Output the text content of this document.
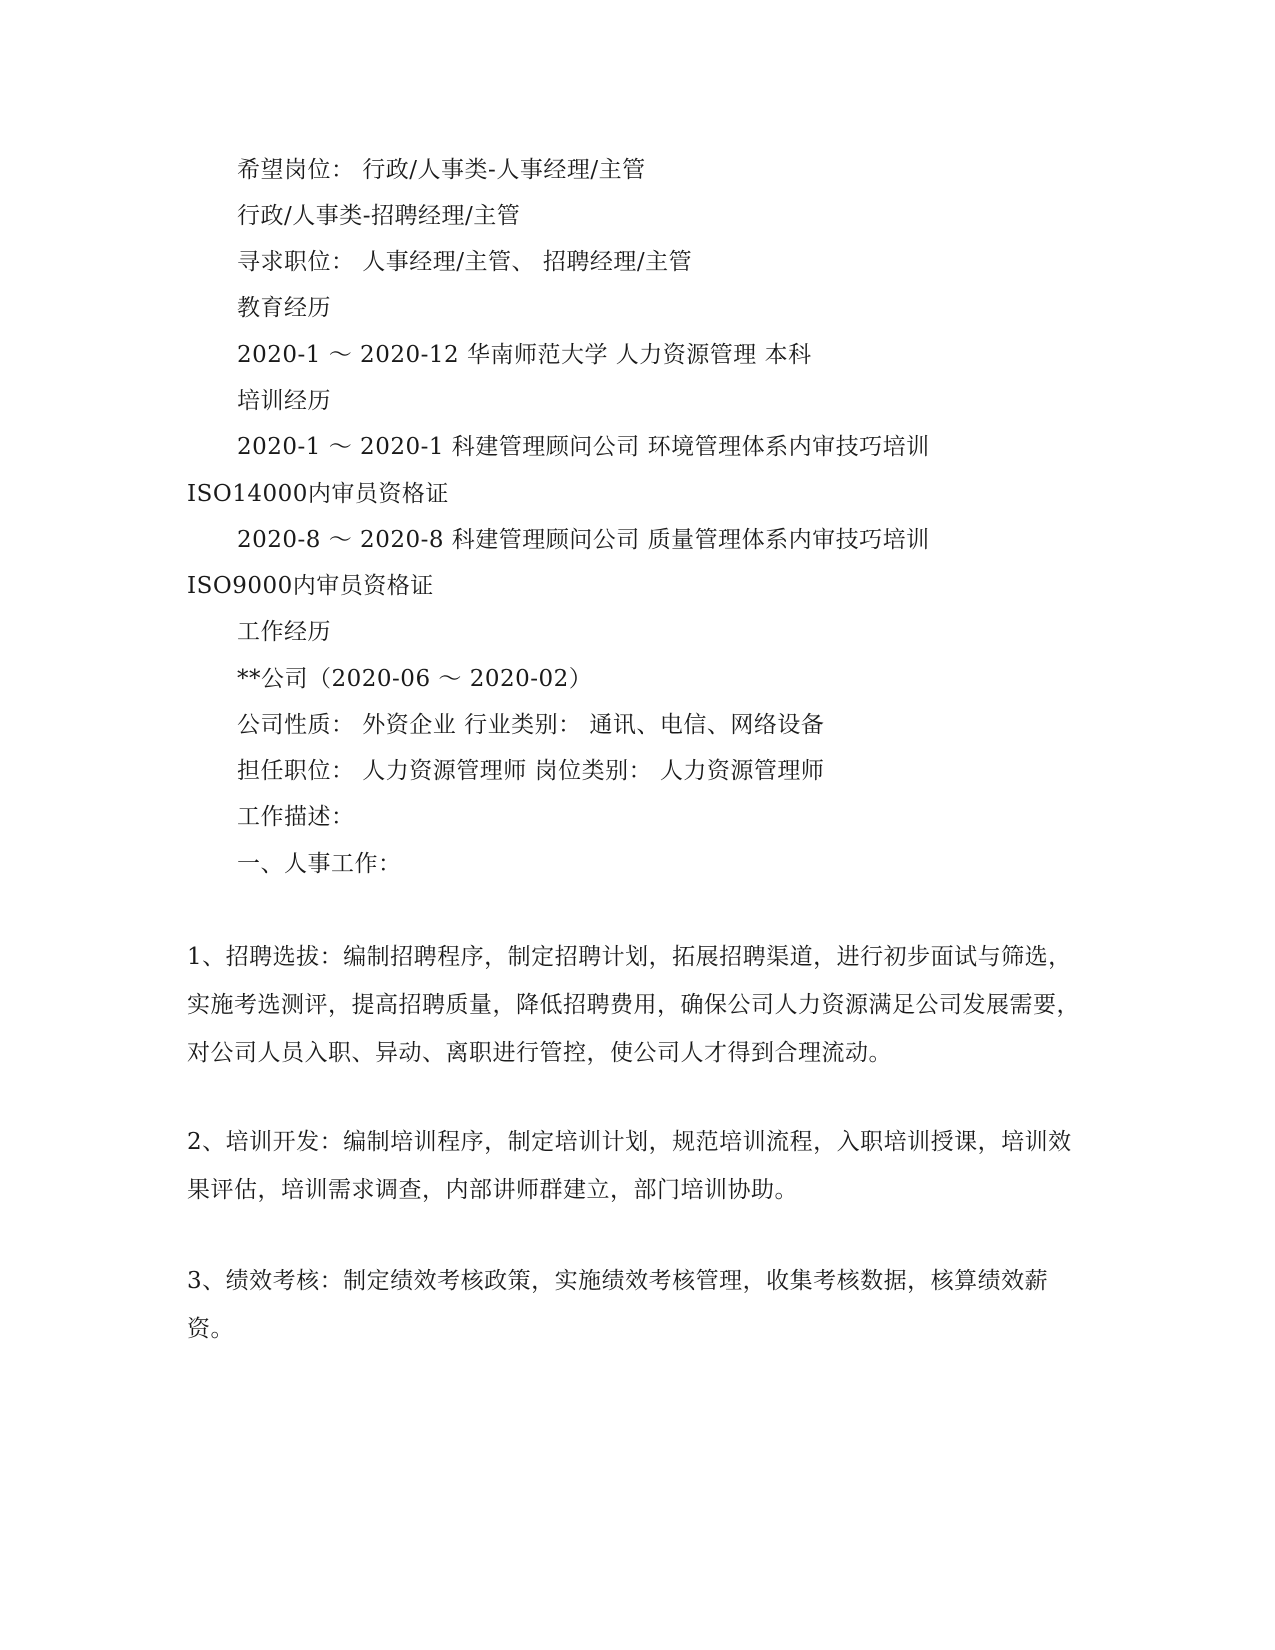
希望岗位： 行政/人事类-人事经理/主管
行政/人事类-招聘经理/主管
寻求职位： 人事经理/主管、 招聘经理/主管
教育经历
2020-1 ～ 2020-12 华南师范大学 人力资源管理 本科
培训经历
2020-1 ～ 2020-1 科建管理顾问公司 环境管理体系内审技巧培训
ISO14000内审员资格证
2020-8 ～ 2020-8 科建管理顾问公司 质量管理体系内审技巧培训
ISO9000内审员资格证
工作经历
**公司（2020-06 ～ 2020-02）
公司性质： 外资企业 行业类别： 通讯、电信、网络设备
担任职位： 人力资源管理师 岗位类别： 人力资源管理师
工作描述：
一、人事工作：
1、招聘选拔：编制招聘程序，制定招聘计划，拓展招聘渠道，进行初步面试与筛选，实施考选测评，提高招聘质量，降低招聘费用，确保公司人力资源满足公司发展需要，对公司人员入职、异动、离职进行管控，使公司人才得到合理流动。
2、培训开发：编制培训程序，制定培训计划，规范培训流程，入职培训授课，培训效果评估，培训需求调查，内部讲师群建立，部门培训协助。
3、绩效考核：制定绩效考核政策，实施绩效考核管理，收集考核数据，核算绩效薪资。
